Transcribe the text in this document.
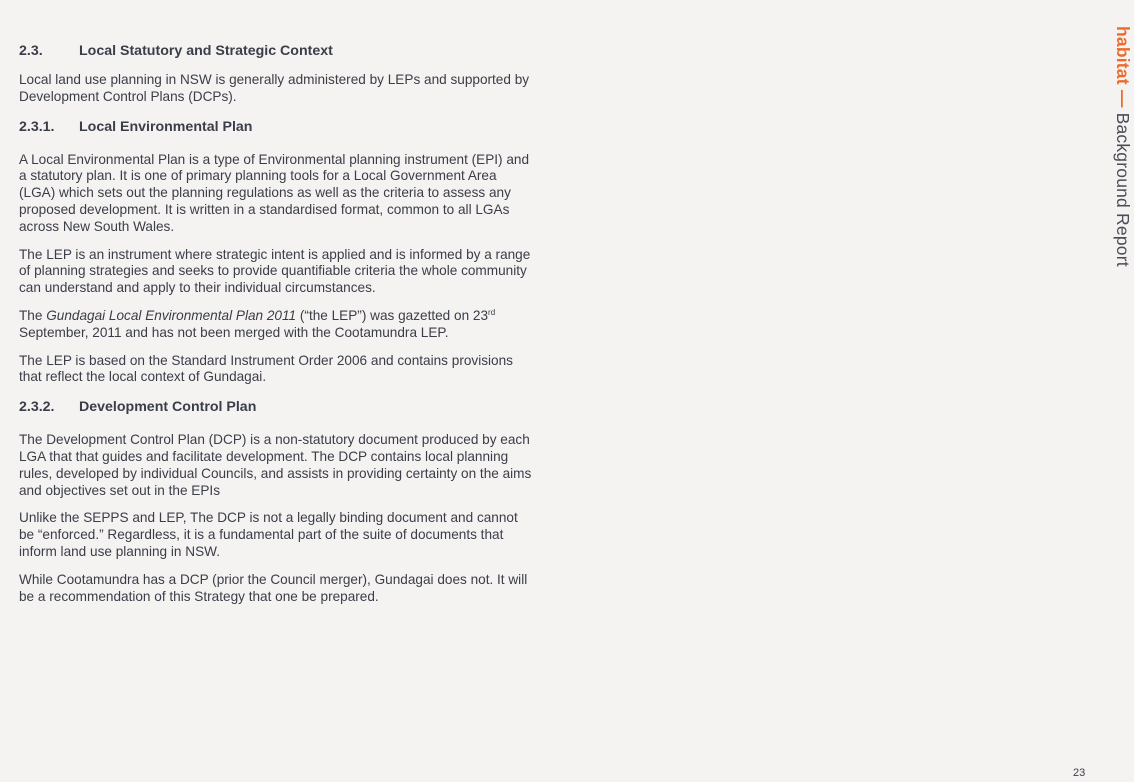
2.3.	Local Statutory and Strategic Context

Local land use planning in NSW is generally administered by LEPs and supported by Development Control Plans (DCPs).

2.3.1.	Local Environmental Plan

A Local Environmental Plan is a type of Environmental planning instrument (EPI) and a statutory plan. It is one of primary planning tools for a Local Government Area (LGA) which sets out the planning regulations as well as the criteria to assess any proposed development. It is written in a standardised format, common to all LGAs across New South Wales.

The LEP is an instrument where strategic intent is applied and is informed by a range of planning strategies and seeks to provide quantifiable criteria the whole community can understand and apply to their individual circumstances.

The Gundagai Local Environmental Plan 2011 (“the LEP”) was gazetted on 23rd September, 2011 and has not been merged with the Cootamundra LEP.

The LEP is based on the Standard Instrument Order 2006 and contains provisions that reflect the local context of Gundagai.

2.3.2.	Development Control Plan

The Development Control Plan (DCP) is a non-statutory document produced by each LGA that that guides and facilitate development. The DCP contains local planning rules, developed by individual Councils, and assists in providing certainty on the aims and objectives set out in the EPIs

Unlike the SEPPS and LEP, The DCP is not a legally binding document and cannot be “enforced.” Regardless, it is a fundamental part of the suite of documents that inform land use planning in NSW.

While Cootamundra has a DCP (prior the Council merger), Gundagai does not. It will be a recommendation of this Strategy that one be prepared.

habitat — Background Report
23
